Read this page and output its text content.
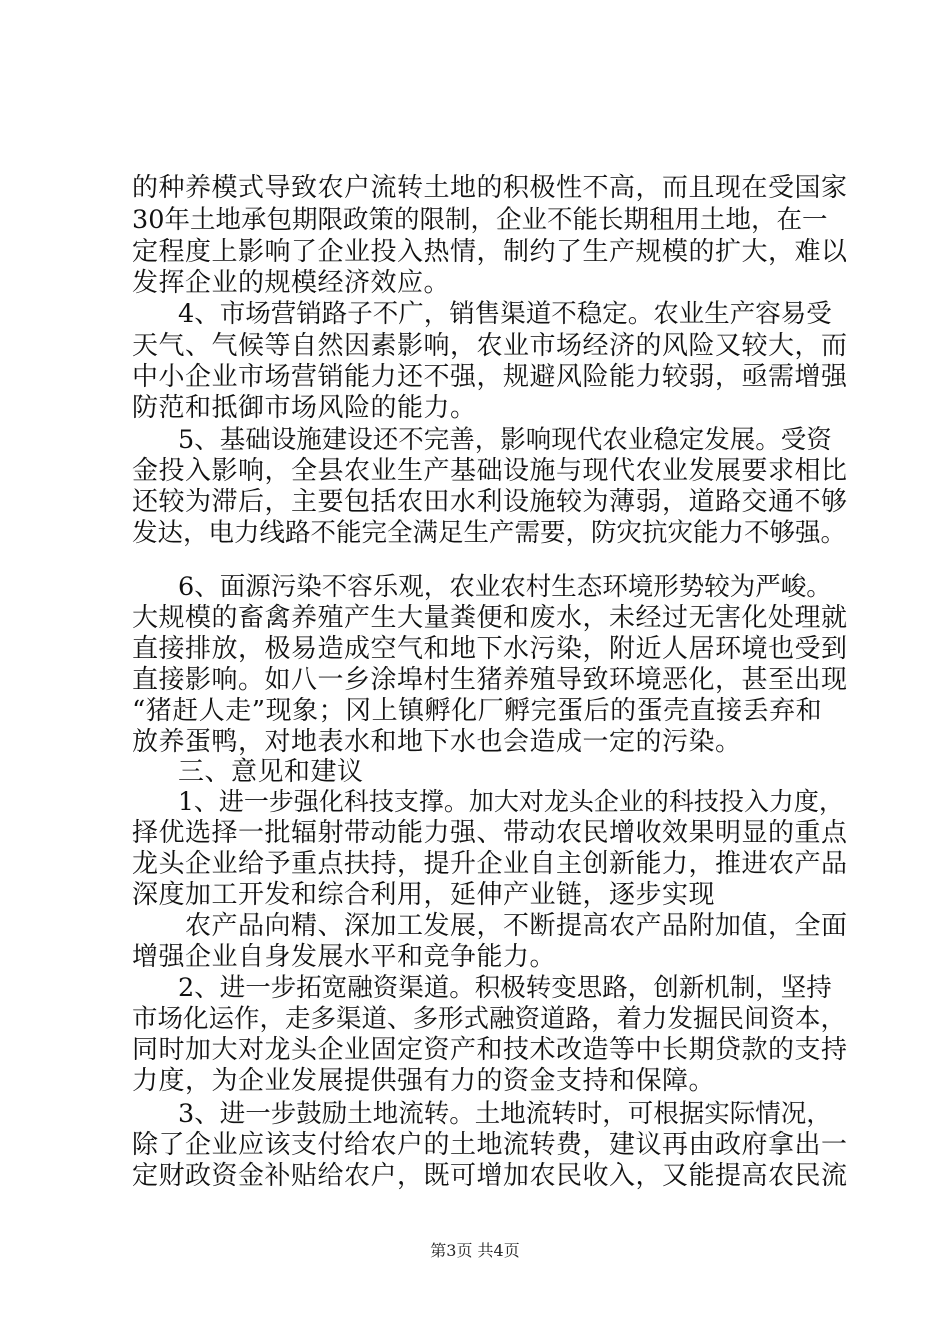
的种养模式导致农户流转土地的积极性不高，而且现在受国家
30年土地承包期限政策的限制，企业不能长期租用土地，在一
定程度上影响了企业投入热情，制约了生产规模的扩大，难以
发挥企业的规模经济效应。
4、市场营销路子不广，销售渠道不稳定。农业生产容易受
天气、气候等自然因素影响，农业市场经济的风险又较大，而
中小企业市场营销能力还不强，规避风险能力较弱，亟需增强
防范和抵御市场风险的能力。
5、基础设施建设还不完善，影响现代农业稳定发展。受资
金投入影响，全县农业生产基础设施与现代农业发展要求相比
还较为滞后，主要包括农田水利设施较为薄弱，道路交通不够
发达，电力线路不能完全满足生产需要，防灾抗灾能力不够强。
6、面源污染不容乐观，农业农村生态环境形势较为严峻。
大规模的畜禽养殖产生大量粪便和废水，未经过无害化处理就
直接排放，极易造成空气和地下水污染，附近人居环境也受到
直接影响。如八一乡涂埠村生猪养殖导致环境恶化，甚至出现
“猪赶人走”现象；冈上镇孵化厂孵完蛋后的蛋壳直接丢弃和
放养蛋鸭，对地表水和地下水也会造成一定的污染。
三、意见和建议
1、进一步强化科技支撑。加大对龙头企业的科技投入力度，
择优选择一批辐射带动能力强、带动农民增收效果明显的重点
龙头企业给予重点扶持，提升企业自主创新能力，推进农产品
深度加工开发和综合利用，延伸产业链，逐步实现
农产品向精、深加工发展，不断提高农产品附加值，全面
增强企业自身发展水平和竞争能力。
2、进一步拓宽融资渠道。积极转变思路，创新机制，坚持
市场化运作，走多渠道、多形式融资道路，着力发掘民间资本，
同时加大对龙头企业固定资产和技术改造等中长期贷款的支持
力度，为企业发展提供强有力的资金支持和保障。
3、进一步鼓励土地流转。土地流转时，可根据实际情况，
除了企业应该支付给农户的土地流转费，建议再由政府拿出一
定财政资金补贴给农户，既可增加农民收入，又能提高农民流
第3页 共4页
